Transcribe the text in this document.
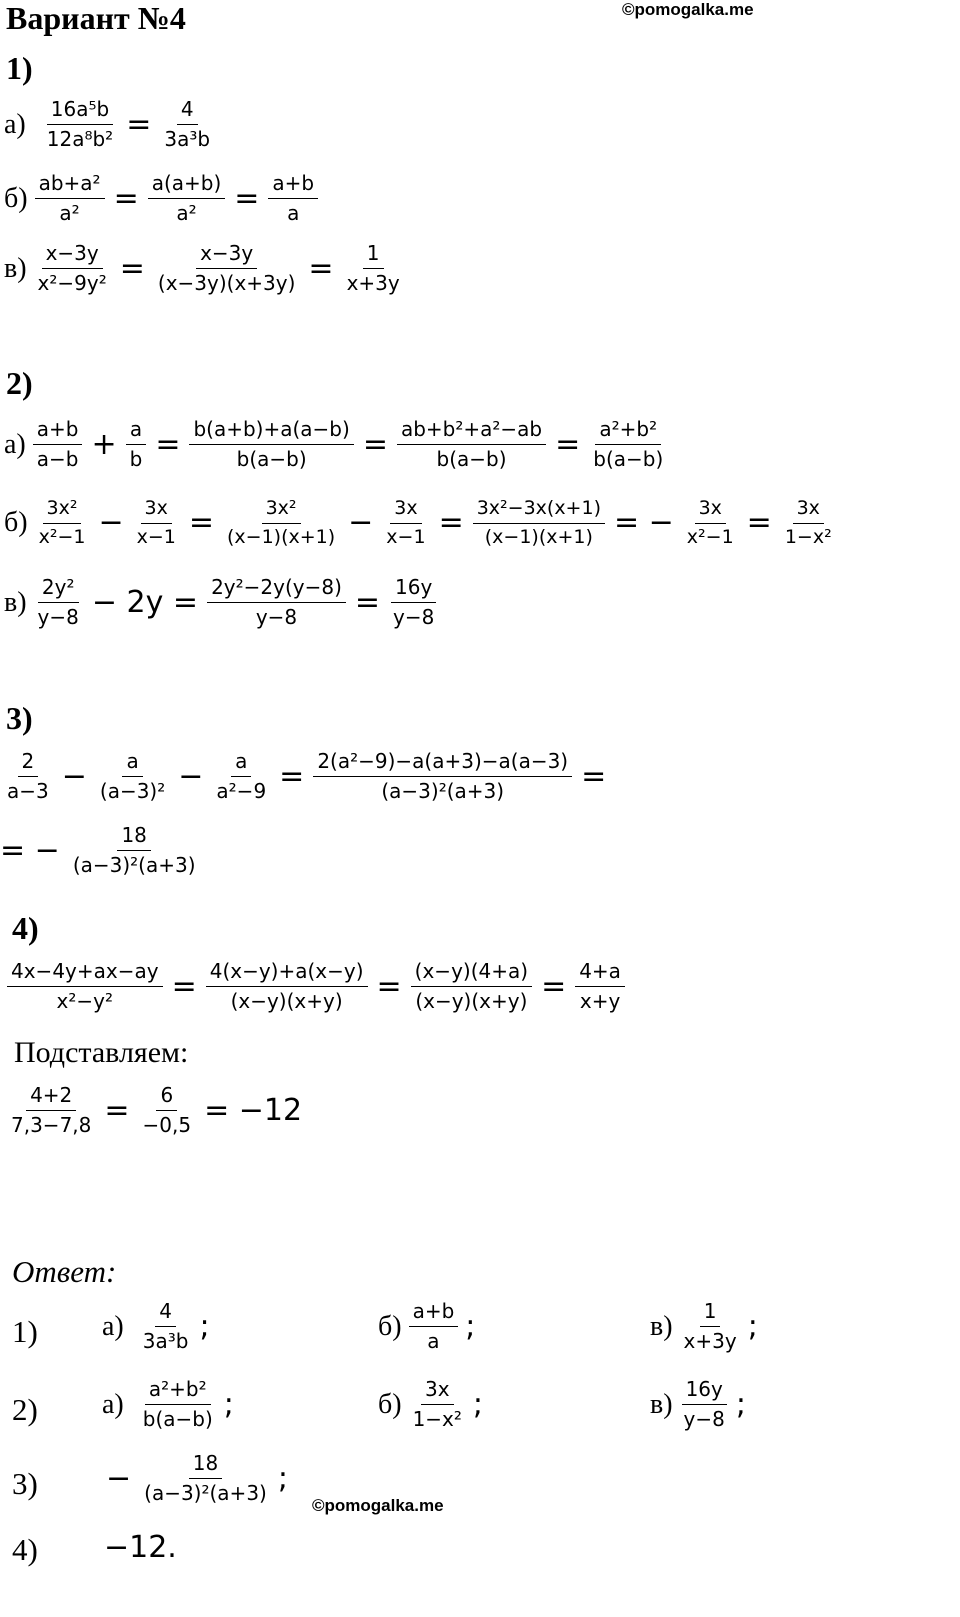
Вариант №4	©pomogalka.me
1)
$а) \frac{\text{16a⁵b}}{\text{12a⁸b²}} = \frac{4}{\text{3a³b}}$
$б) \frac{\text{ab+a²}}{\text{a²}} = \frac{a(a+b)}{\text{a²}} = \frac{a+b}{a}$
$в) \frac{x-3y}{\text{x²−9y²}} = \frac{x-3y}{(x-3y)(x+3y)} = \frac{1}{x+3y}$
2)
$а) \frac{a+b}{a-b} + \frac{a}{b} = \frac{b(a+b)+a(a-b)}{b(a-b)} = \frac{\text{ab+b²+a²−ab}}{b(a-b)} = \frac{\text{a²+b²}}{b(a-b)}$
$б) \frac{\text{3x²}}{\text{x²−1}} - \frac{3x}{x-1} = \frac{\text{3x²}}{(x-1)(x+1)} - \frac{3x}{x-1} = \frac{\text{3x²−3x(x+1)}}{(x-1)(x+1)}$ = − $\frac{3x}{\text{x²−1}} = \frac{3x}{\text{1−x²}}$
$в) \frac{\text{2y²}}{y-8} - 2y = \frac{\text{2y²−2y(y−8)}}{y-8} = \frac{16y}{y-8}$
3)
$\frac{2}{a-3} - \frac{a}{\text{(a−3)²}} - \frac{a}{\text{a²−9}} = \frac{\text{2(a²−9)−a(a+3)−a(a−3)}}{\text{(a−3)²(a+3)}}$ =
= − $\frac{18}{\text{(a−3)²(a+3)}}$
4)
$\frac{4x-4y+ax-ay}{\text{x²−y²}} = \frac{4(x-y)+a(x-y)}{(x-y)(x+y)} = \frac{(x-y)(4+a)}{(x-y)(x+y)} = \frac{4+a}{x+y}$
Подставляем:
$\frac{4+2}{7,3-7,8} = \frac{6}{-0,5} = -12$
Ответ:
1) $а) \frac{4}{\text{3a³b}}$ ;	$б) \frac{a+b}{a}$ ;	$в) \frac{1}{x+3y}$ ;
2) $а) \frac{\text{a²+b²}}{b(a-b)}$ ;	$б) \frac{3x}{\text{1−x²}}$ ;	$в) \frac{16y}{y-8}$ ;
$3) - \frac{18}{\text{(a−3)²(a+3)}}$ ;
©pomogalka.me
4) −12.
